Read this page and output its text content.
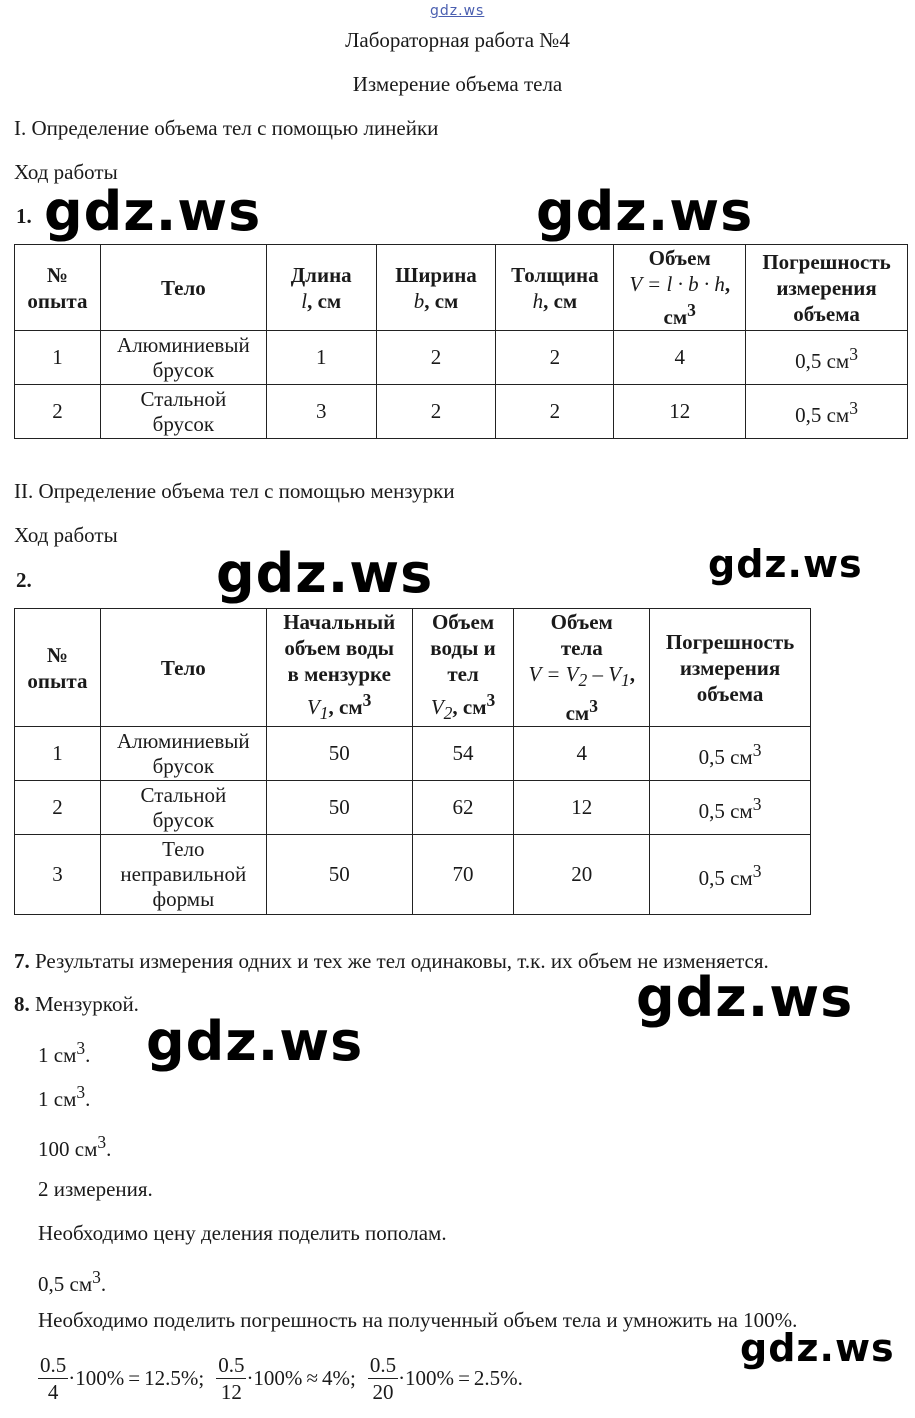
gdz.ws
Лабораторная работа №4
Измерение объема тела
I. Определение объема тел с помощью линейки
Ход работы
1. gdz.ws	gdz.ws
№
опыта	Тело	Длина
l, см	Ширина
b, см	Толщина
h, см	Объем
V = l · b · h,
$см^3$	Погрешность
измерения
объема
1	Алюминиевый
брусок	1	2	2	4	0,5 $см^3$
2	Стальной
брусок	3	2	2	12	0,5 $см^3$
II. Определение объема тел с помощью мензурки
Ход работы
2.	gdz.ws	gdz.ws
№
опыта	Тело	Начальный
объем воды
в мензурке
$V_1$, $см^3$	Объем
воды и
тел
$V_2$, $см^3$	Объем
тела
$V = V_2 - V_1$,
$см^3$	Погрешность
измерения
объема
1	Алюминиевый
брусок	50	54	4	0,5 $см^3$
2	Стальной
брусок	50	62	12	0,5 $см^3$
3	Тело
неправильной
формы	50	70	20	0,5 $см^3$
7. Результаты измерения одних и тех же тел одинаковы, т.к. их объем не изменяется.
8. Мензуркой.	gdz.ws
gdz.ws
1 $см^3$.
1 $см^3$.
100 $см^3$.
2 измерения.
Необходимо цену деления поделить пополам.
0,5 $см^3$.
Необходимо поделить погрешность на полученный объем тела и умножить на 100%.
gdz.ws
$\frac{0.5}{4} \cdot 100\% = 12.5\%$ ; $\frac{0.5}{12} \cdot 100\% \approx 4\%$ ; $\frac{0.5}{20} \cdot 100\% = 2.5\%$ .
